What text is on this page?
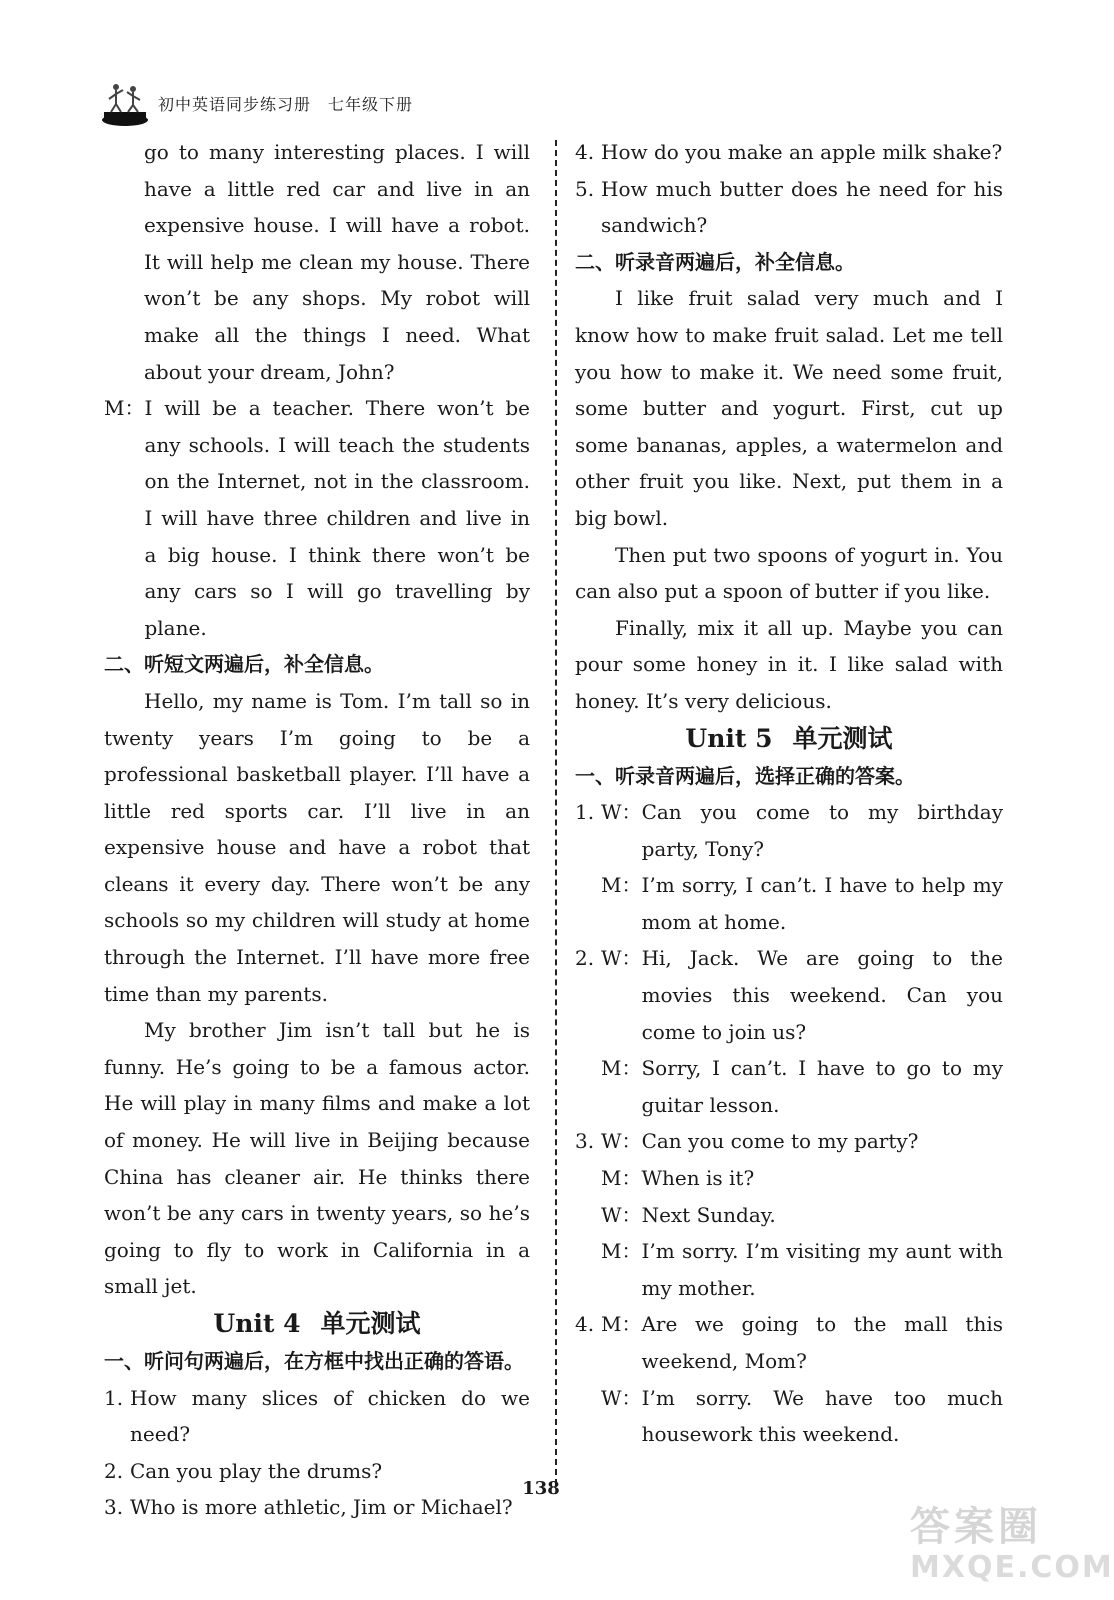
初中英语同步练习册　七年级下册

go to many interesting places. I will have a little red car and live in an expensive house. I will have a robot. It will help me clean my house. There won’t be any shops. My robot will make all the things I need. What about your dream, John?

M： I will be a teacher. There won’t be any schools. I will teach the students on the Internet, not in the classroom. I will have three children and live in a big house. I think there won’t be any cars so I will go travelling by plane.

二、听短文两遍后，补全信息。

Hello, my name is Tom. I’m tall so in twenty years I’m going to be a professional basketball player. I’ll have a little red sports car. I’ll live in an expensive house and have a robot that cleans it every day. There won’t be any schools so my children will study at home through the Internet. I’ll have more free time than my parents.

My brother Jim isn’t tall but he is funny. He’s going to be a famous actor. He will play in many films and make a lot of money. He will live in Beijing because China has cleaner air. He thinks there won’t be any cars in twenty years, so he’s going to fly to work in California in a small jet.

Unit 4 单元测试

一、听问句两遍后，在方框中找出正确的答语。

1. How many slices of chicken do we need?
2. Can you play the drums?
3. Who is more athletic, Jim or Michael?
4. How do you make an apple milk shake?
5. How much butter does he need for his sandwich?

二、听录音两遍后，补全信息。

I like fruit salad very much and I know how to make fruit salad. Let me tell you how to make it. We need some fruit, some butter and yogurt. First, cut up some bananas, apples, a watermelon and other fruit you like. Next, put them in a big bowl.

Then put two spoons of yogurt in. You can also put a spoon of butter if you like.

Finally, mix it all up. Maybe you can pour some honey in it. I like salad with honey. It’s very delicious.

Unit 5 单元测试

一、听录音两遍后，选择正确的答案。

1. W： Can you come to my birthday party, Tony?
M： I’m sorry, I can’t. I have to help my mom at home.
2. W： Hi, Jack. We are going to the movies this weekend. Can you come to join us?
M： Sorry, I can’t. I have to go to my guitar lesson.
3. W： Can you come to my party?
M： When is it?
W： Next Sunday.
M： I’m sorry. I’m visiting my aunt with my mother.
4. M： Are we going to the mall this weekend, Mom?
W： I’m sorry. We have too much housework this weekend.
138
答案圈
MXQE.COM
